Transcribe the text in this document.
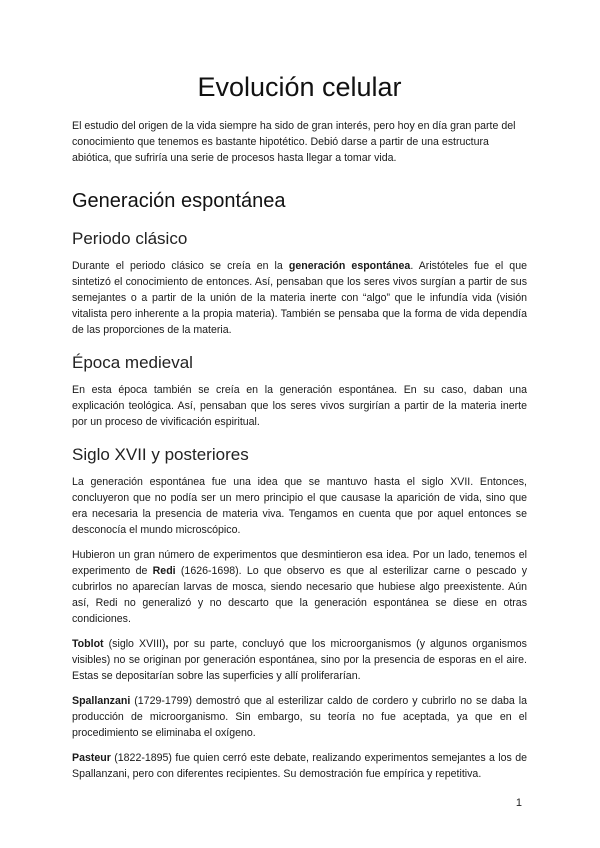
Evolución celular

El estudio del origen de la vida siempre ha sido de gran interés, pero hoy en día gran parte del conocimiento que tenemos es bastante hipotético. Debió darse a partir de una estructura abiótica, que sufriría una serie de procesos hasta llegar a tomar vida.

Generación espontánea
Periodo clásico

Durante el periodo clásico se creía en la generación espontánea. Aristóteles fue el que sintetizó el conocimiento de entonces. Así, pensaban que los seres vivos surgían a partir de sus semejantes o a partir de la unión de la materia inerte con “algo” que le infundía vida (visión vitalista pero inherente a la propia materia). También se pensaba que la forma de vida dependía de las proporciones de la materia.

Época medieval

En esta época también se creía en la generación espontánea. En su caso, daban una explicación teológica. Así, pensaban que los seres vivos surgirían a partir de la materia inerte por un proceso de vivificación espiritual.

Siglo XVII y posteriores

La generación espontánea fue una idea que se mantuvo hasta el siglo XVII. Entonces, concluyeron que no podía ser un mero principio el que causase la aparición de vida, sino que era necesaria la presencia de materia viva. Tengamos en cuenta que por aquel entonces se desconocía el mundo microscópico.

Hubieron un gran número de experimentos que desmintieron esa idea. Por un lado, tenemos el experimento de Redi (1626-1698). Lo que observo es que al esterilizar carne o pescado y cubrirlos no aparecían larvas de mosca, siendo necesario que hubiese algo preexistente. Aún así, Redi no generalizó y no descarto que la generación espontánea se diese en otras condiciones.

Toblot (siglo XVIII), por su parte, concluyó que los microorganismos (y algunos organismos visibles) no se originan por generación espontánea, sino por la presencia de esporas en el aire. Estas se depositarían sobre las superficies y allí proliferarían.

Spallanzani (1729-1799) demostró que al esterilizar caldo de cordero y cubrirlo no se daba la producción de microorganismo. Sin embargo, su teoría no fue aceptada, ya que en el procedimiento se eliminaba el oxígeno.

Pasteur (1822-1895) fue quien cerró este debate, realizando experimentos semejantes a los de Spallanzani, pero con diferentes recipientes. Su demostración fue empírica y repetitiva.

1
